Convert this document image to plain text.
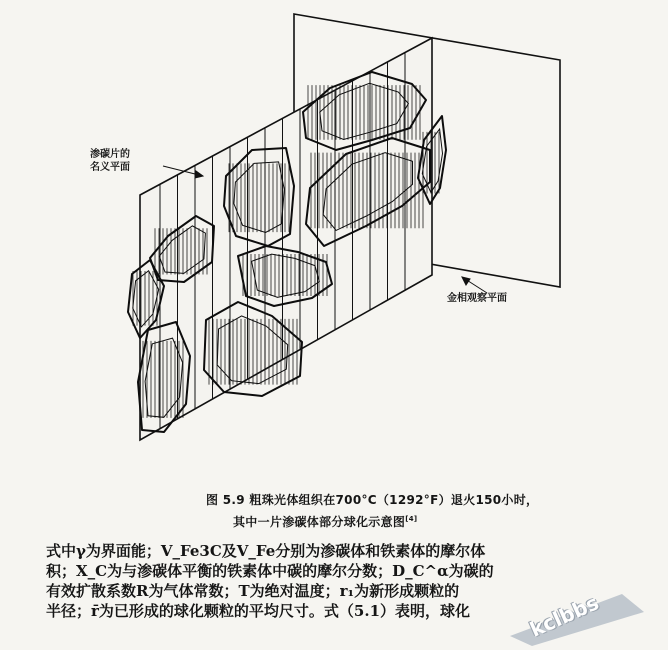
渗碳片的
名义平面
金相观察平面
图 5.9 粗珠光体组织在700°C（1292°F）退火150小时，
其中一片渗碳体部分球化示意图[4]
式中γ为界面能；V_Fe3C及V_Fe分别为渗碳体和铁素体的摩尔体
积；X_C为与渗碳体平衡的铁素体中碳的摩尔分数；D_C^α为碳的
有效扩散系数R为气体常数；T为绝对温度；r₁为新形成颗粒的
半径；r̄为已形成的球化颗粒的平均尺寸。式（5.1）表明，球化	kclbbs
